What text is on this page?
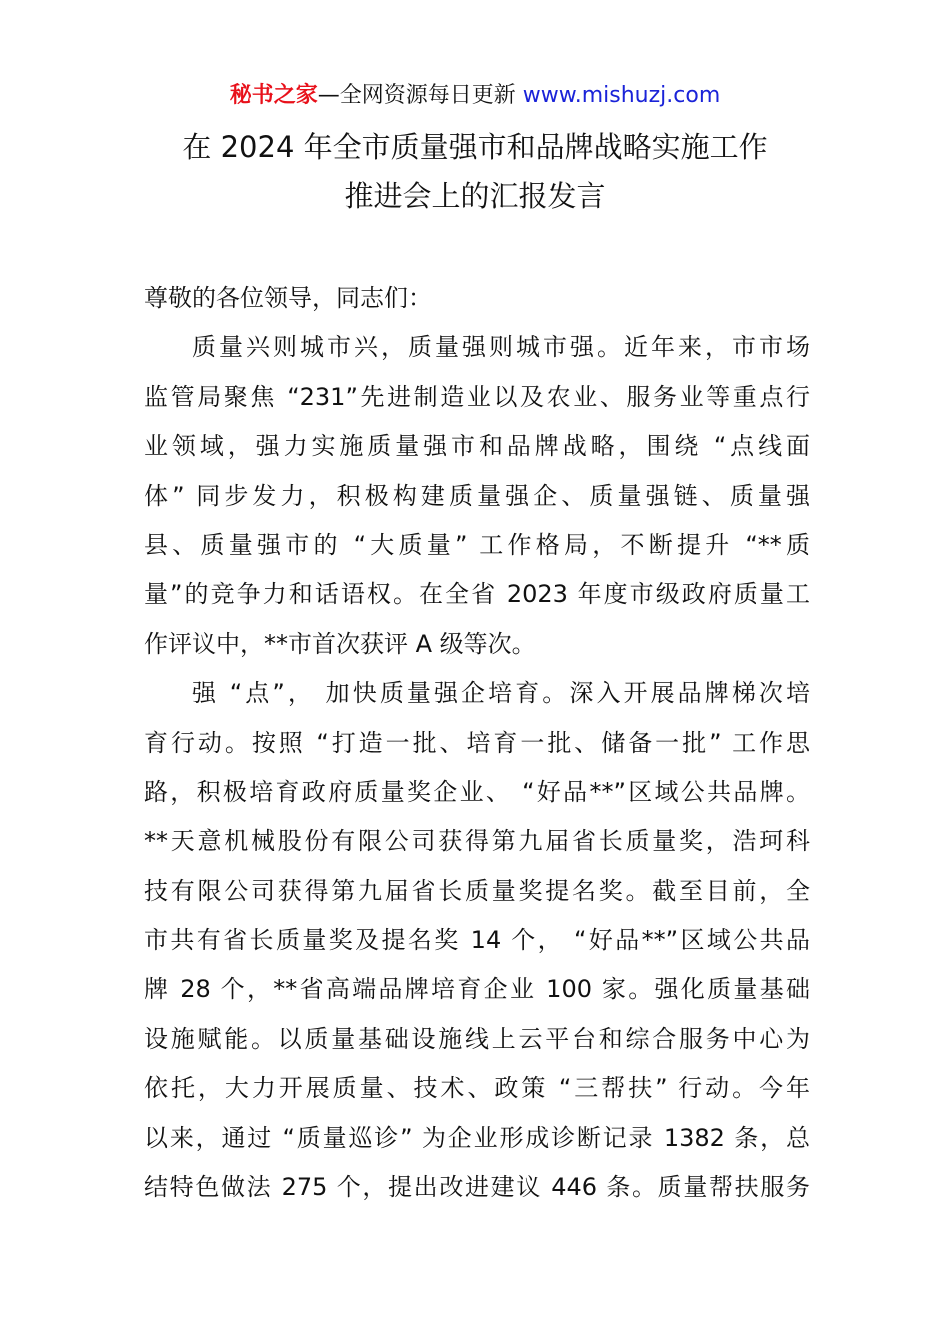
秘书之家—全网资源每日更新 www.mishuzj.com
在 2024 年全市质量强市和品牌战略实施工作
推进会上的汇报发言
尊敬的各位领导，同志们：
质量兴则城市兴，质量强则城市强。近年来，市市场
监管局聚焦 “231”先进制造业以及农业、服务业等重点行
业领域，强力实施质量强市和品牌战略，围绕 “点线面
体” 同步发力，积极构建质量强企、质量强链、质量强
县、质量强市的 “大质量” 工作格局，不断提升 “**质
量”的竞争力和话语权。在全省 2023 年度市级政府质量工
作评议中，**市首次获评 A 级等次。
强 “点”， 加快质量强企培育。深入开展品牌梯次培
育行动。按照 “打造一批、培育一批、储备一批” 工作思
路，积极培育政府质量奖企业、 “好品**”区域公共品牌。
**天意机械股份有限公司获得第九届省长质量奖，浩珂科
技有限公司获得第九届省长质量奖提名奖。截至目前，全
市共有省长质量奖及提名奖 14 个， “好品**”区域公共品
牌 28 个，**省高端品牌培育企业 100 家。强化质量基础
设施赋能。以质量基础设施线上云平台和综合服务中心为
依托，大力开展质量、技术、政策 “三帮扶” 行动。今年
以来，通过 “质量巡诊” 为企业形成诊断记录 1382 条，总
结特色做法 275 个，提出改进建议 446 条。质量帮扶服务
